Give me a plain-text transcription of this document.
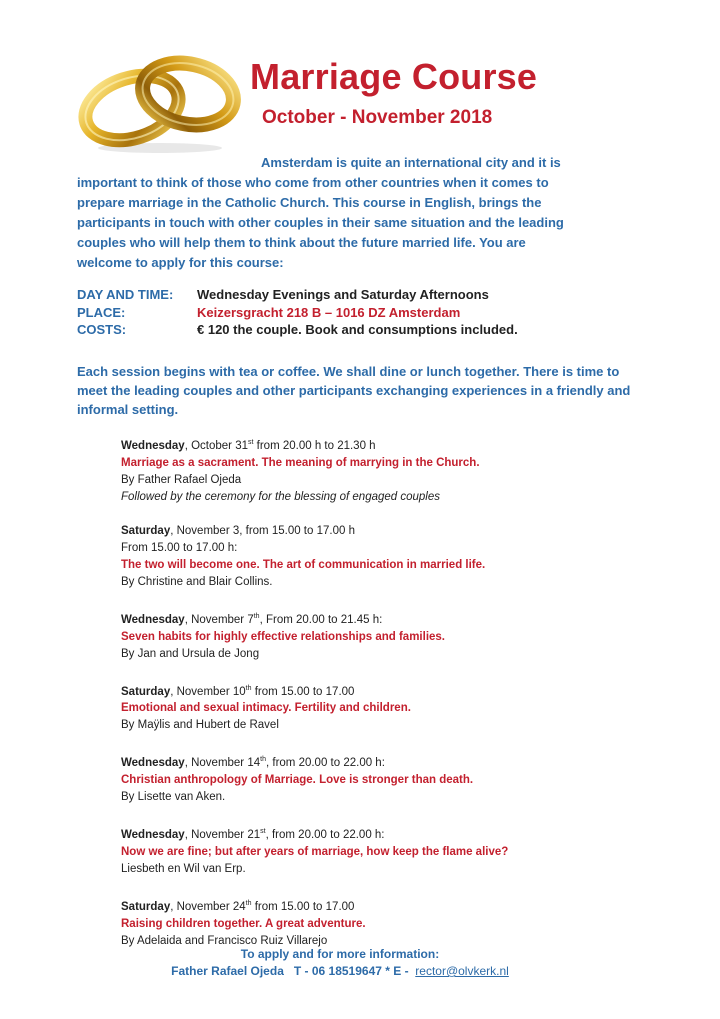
Marriage Course
October - November 2018

Amsterdam is quite an international city and it is important to think of those who come from other countries when it comes to prepare marriage in the Catholic Church. This course in English, brings the participants in touch with other couples in their same situation and the leading couples who will help them to think about the future married life. You are welcome to apply for this course:

DAY AND TIME:	Wednesday Evenings and Saturday Afternoons
PLACE:	Keizersgracht 218 B – 1016 DZ Amsterdam
COSTS:	€ 120 the couple. Book and consumptions included.

Each session begins with tea or coffee. We shall dine or lunch together. There is time to meet the leading couples and other participants exchanging experiences in a friendly and informal setting.

Wednesday, October 31st from 20.00 h to 21.30 h
Marriage as a sacrament. The meaning of marrying in the Church.
By Father Rafael Ojeda
Followed by the ceremony for the blessing of engaged couples
Saturday, November 3, from 15.00 to 17.00 h
From 15.00 to 17.00 h:
The two will become one. The art of communication in married life.
By Christine and Blair Collins.
Wednesday, November 7th, From 20.00 to 21.45 h:
Seven habits for highly effective relationships and families.
By Jan and Ursula de Jong
Saturday, November 10th from 15.00 to 17.00
Emotional and sexual intimacy. Fertility and children.
By Maÿlis and Hubert de Ravel
Wednesday, November 14th, from 20.00 to 22.00 h:
Christian anthropology of Marriage. Love is stronger than death.
By Lisette van Aken.
Wednesday, November 21st, from 20.00 to 22.00 h:
Now we are fine; but after years of marriage, how keep the flame alive?
Liesbeth en Wil van Erp.
Saturday, November 24th from 15.00 to 17.00
Raising children together. A great adventure.
By Adelaida and Francisco Ruiz Villarejo
To apply and for more information:
Father Rafael Ojeda   T - 06 18519647 * E -  rector@olvkerk.nl
